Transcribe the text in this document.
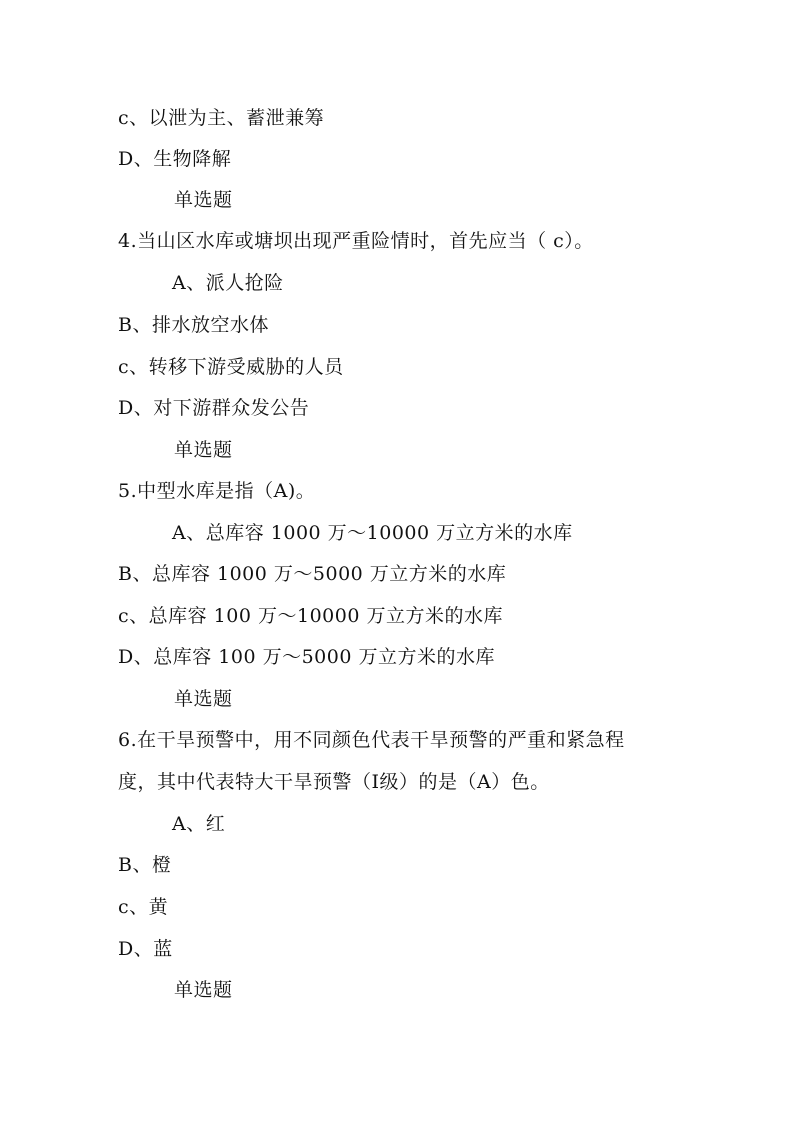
c、以泄为主、蓄泄兼筹
D、生物降解
单选题
4.当山区水库或塘坝出现严重险情时，首先应当（ c）。
A、派人抢险
B、排水放空水体
c、转移下游受威胁的人员
D、对下游群众发公告
单选题
5.中型水库是指（A)。
A、总库容 1000 万～10000 万立方米的水库
B、总库容 1000 万～5000 万立方米的水库
c、总库容 100 万～10000 万立方米的水库
D、总库容 100 万～5000 万立方米的水库
单选题
6.在干旱预警中，用不同颜色代表干旱预警的严重和紧急程
度，其中代表特大干旱预警（Ⅰ级）的是（A）色。
A、红
B、橙
c、黄
D、蓝
单选题
